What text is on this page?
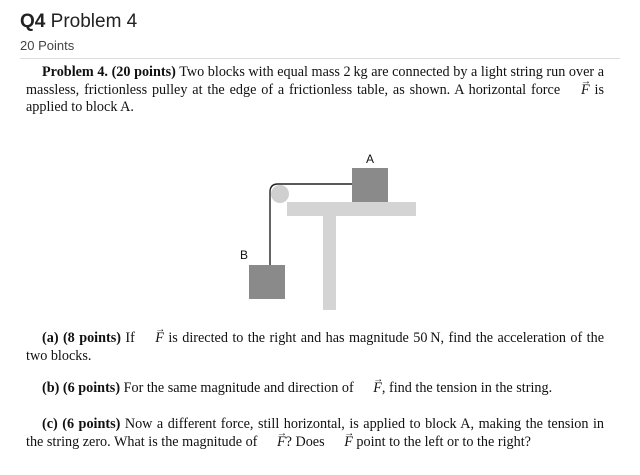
Q4 Problem 4
20 Points

Problem 4. (20 points) Two blocks with equal mass 2 kg are connected by a light string run over a massless, frictionless pulley at the edge of a frictionless table, as shown. A horizontal force → F is applied to block A.

A
B

(a) (8 points) If → F is directed to the right and has magnitude 50 N, find the acceleration of the two blocks.

(b) (6 points) For the same magnitude and direction of → F, find the tension in the string.

(c) (6 points) Now a different force, still horizontal, is applied to block A, making the tension in the string zero. What is the magnitude of → F? Does → F point to the left or to the right?
